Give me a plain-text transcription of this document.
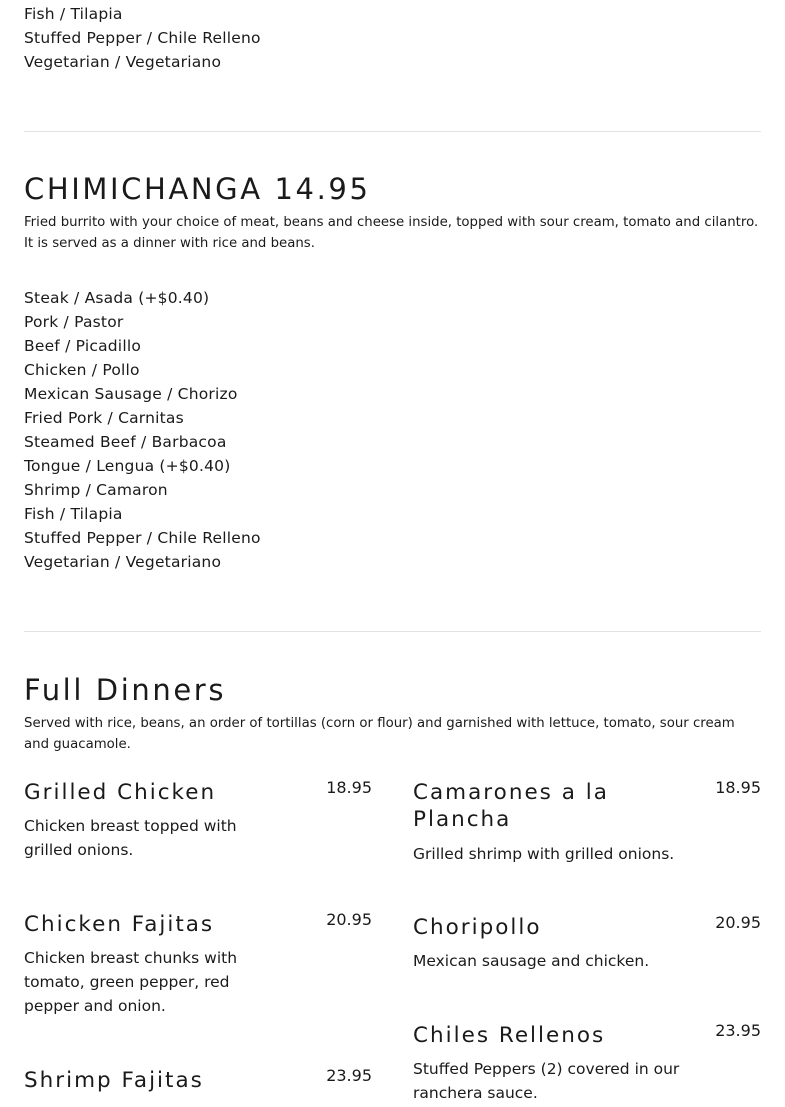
Fish / Tilapia
Stuffed Pepper / Chile Relleno
Vegetarian / Vegetariano
CHIMICHANGA 14.95

Fried burrito with your choice of meat, beans and cheese inside, topped with sour cream, tomato and cilantro. It is served as a dinner with rice and beans.

Steak / Asada (+$0.40)
Pork / Pastor
Beef / Picadillo
Chicken / Pollo
Mexican Sausage / Chorizo
Fried Pork / Carnitas
Steamed Beef / Barbacoa
Tongue / Lengua (+$0.40)
Shrimp / Camaron
Fish / Tilapia
Stuffed Pepper / Chile Relleno
Vegetarian / Vegetariano
Full Dinners

Served with rice, beans, an order of tortillas (corn or flour) and garnished with lettuce, tomato, sour cream and guacamole.

Grilled Chicken	18.95

Chicken breast topped with grilled onions.

Chicken Fajitas	20.95

Chicken breast chunks with tomato, green pepper, red pepper and onion.

Shrimp Fajitas	23.95
Camarones a la Plancha
18.95

Grilled shrimp with grilled onions.

Choripollo	20.95

Mexican sausage and chicken.

Chiles Rellenos	23.95

Stuffed Peppers (2) covered in our ranchera sauce.
